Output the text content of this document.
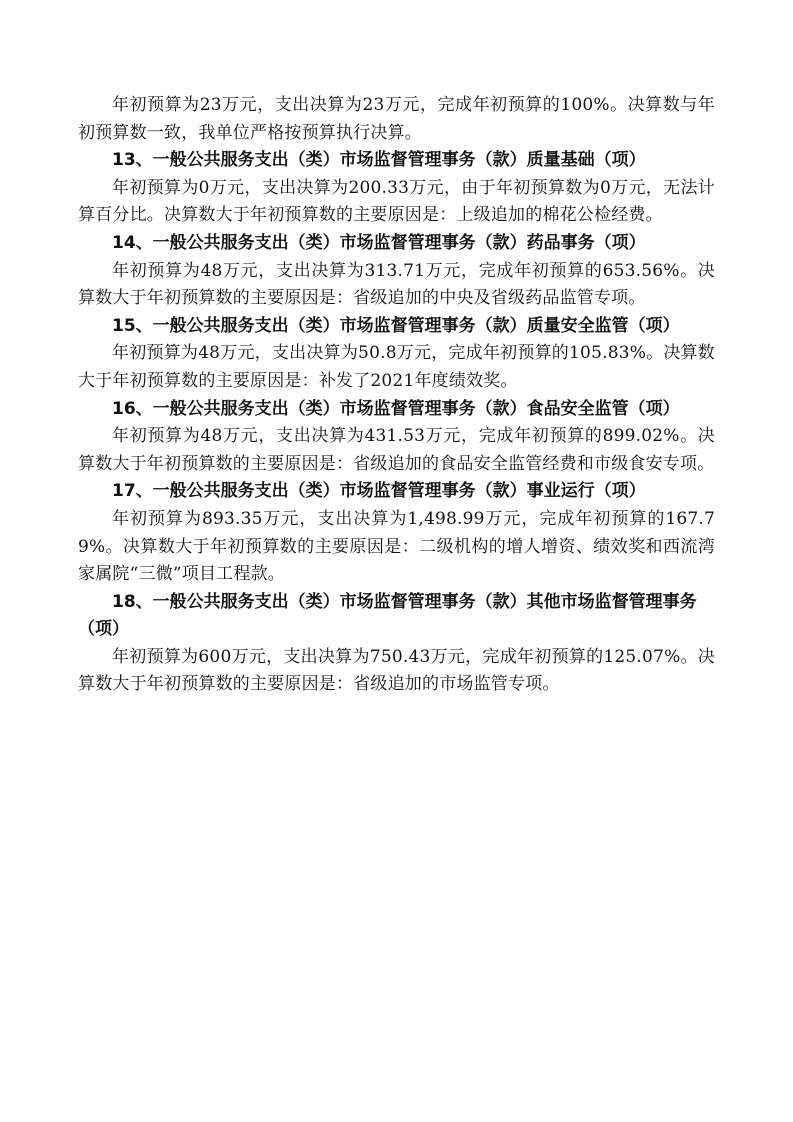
年初预算为23万元，支出决算为23万元，完成年初预算的100%。决算数与年初预算数一致，我单位严格按预算执行决算。

13、一般公共服务支出（类）市场监督管理事务（款）质量基础（项）

年初预算为0万元，支出决算为200.33万元，由于年初预算数为0万元，无法计算百分比。决算数大于年初预算数的主要原因是：上级追加的棉花公检经费。

14、一般公共服务支出（类）市场监督管理事务（款）药品事务（项）

年初预算为48万元，支出决算为313.71万元，完成年初预算的653.56%。决算数大于年初预算数的主要原因是：省级追加的中央及省级药品监管专项。

15、一般公共服务支出（类）市场监督管理事务（款）质量安全监管（项）

年初预算为48万元，支出决算为50.8万元，完成年初预算的105.83%。决算数大于年初预算数的主要原因是：补发了2021年度绩效奖。

16、一般公共服务支出（类）市场监督管理事务（款）食品安全监管（项）

年初预算为48万元，支出决算为431.53万元，完成年初预算的899.02%。决算数大于年初预算数的主要原因是：省级追加的食品安全监管经费和市级食安专项。

17、一般公共服务支出（类）市场监督管理事务（款）事业运行（项）

年初预算为893.35万元，支出决算为1,498.99万元，完成年初预算的167.79%。决算数大于年初预算数的主要原因是：二级机构的增人增资、绩效奖和西流湾家属院“三微”项目工程款。

18、一般公共服务支出（类）市场监督管理事务（款）其他市场监督管理事务（项）

年初预算为600万元，支出决算为750.43万元，完成年初预算的125.07%。决算数大于年初预算数的主要原因是：省级追加的市场监管专项。
